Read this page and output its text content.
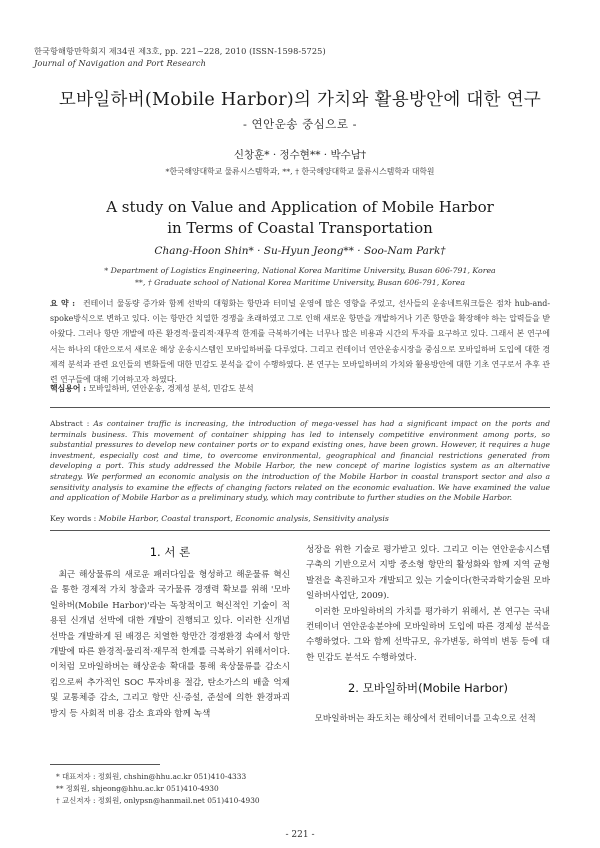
한국항해항만학회지 제34권 제3호, pp. 221~228, 2010 (ISSN-1598-5725)
Journal of Navigation and Port Research
모바일하버(Mobile Harbor)의 가치와 활용방안에 대한 연구
- 연안운송 중심으로 -
신창훈* · 정수현** · 박수남†
*한국해양대학교 물류시스템학과, **, † 한국해양대학교 물류시스템학과 대학원
A study on Value and Application of Mobile Harbor
in Terms of Coastal Transportation
Chang-Hoon Shin* · Su-Hyun Jeong** · Soo-Nam Park†
* Department of Logistics Engineering, National Korea Maritime University, Busan 606-791, Korea
**, † Graduate school of National Korea Maritime University, Busan 606-791, Korea
요 약 : 컨테이너 물동량 증가와 함께 선박의 대형화는 항만과 터미널 운영에 많은 영향을 주었고, 선사들의 운송네트워크들은 점차 hub-and-spoke방식으로 변하고 있다. 이는 항만간 치열한 경쟁을 초래하였고 그로 인해 새로운 항만을 개발하거나 기존 항만을 확장해야 하는 압력들을 받아왔다. 그러나 항만 개발에 따른 환경적·물리적·재무적 한계를 극복하기에는 너무나 많은 비용과 시간의 투자를 요구하고 있다. 그래서 본 연구에서는 하나의 대안으로서 새로운 해상 운송시스템인 모바일하버를 다루었다. 그리고 컨테이너 연안운송시장을 중심으로 모바일하버 도입에 대한 경제적 분석과 관련 요인들의 변화들에 대한 민감도 분석을 같이 수행하였다. 본 연구는 모바일하버의 가치와 활용방안에 대한 기초 연구로서 추후 관련 연구들에 대해 기여하고자 하였다.
핵심용어 : 모바일하버, 연안운송, 경제성 분석, 민감도 분석
Abstract : As container traffic is increasing, the introduction of mega-vessel has had a significant impact on the ports and terminals business. This movement of container shipping has led to intensely competitive environment among ports, so substantial pressures to develop new container ports or to expand existing ones, have been grown. However, it requires a huge investment, especially cost and time, to overcome environmental, geographical and financial restrictions generated from developing a port. This study addressed the Mobile Harbor, the new concept of marine logistics system as an alternative strategy. We performed an economic analysis on the introduction of the Mobile Harbor in coastal transport sector and also a sensitivity analysis to examine the effects of changing factors related on the economic evaluation. We have examined the value and application of Mobile Harbor as a preliminary study, which may contribute to further studies on the Mobile Harbor.
Key words : Mobile Harbor, Coastal transport, Economic analysis, Sensitivity analysis
1. 서 론

최근 해상물류의 새로운 패러다임을 형성하고 해운물류 혁신을 통한 경제적 가치 창출과 국가물류 경쟁력 확보를 위해 '모바일하버(Mobile Harbor)'라는 독창적이고 혁신적인 기술이 적용된 신개념 선박에 대한 개발이 진행되고 있다. 이러한 신개념 선박을 개발하게 된 배경은 치열한 항만간 경쟁환경 속에서 항만 개발에 따른 환경적·물리적·재무적 한계를 극복하기 위해서이다. 이처럼 모바일하버는 해상운송 확대를 통해 육상물류를 감소시킴으로써 추가적인 SOC 투자비용 절감, 탄소가스의 배출 억제 및 교통체증 감소, 그리고 항만 신·증설, 준설에 의한 환경파괴 방지 등 사회적 비용 감소 효과와 함께 녹색

성장을 위한 기술로 평가받고 있다. 그리고 이는 연안운송시스템 구축의 기반으로서 지방 중소형 항만의 활성화와 함께 지역 균형 발전을 촉진하고자 개발되고 있는 기술이다(한국과학기술원 모바일하버사업단, 2009).

이러한 모바일하버의 가치를 평가하기 위해서, 본 연구는 국내 컨테이너 연안운송분야에 모바일하버 도입에 따른 경제성 분석을 수행하였다. 그와 함께 선박규모, 유가변동, 하역비 변동 등에 대한 민감도 분석도 수행하였다.

2. 모바일하버(Mobile Harbor)

모바일하버는 좌도치는 해상에서 컨테이너를 고속으로 선적

* 대표저자 : 정회원, chshin@hhu.ac.kr 051)410-4333
** 정회원, shjeong@hhu.ac.kr 051)410-4930
† 교신저자 : 정회원, onlypsn@hanmail.net 051)410-4930
- 221 -
